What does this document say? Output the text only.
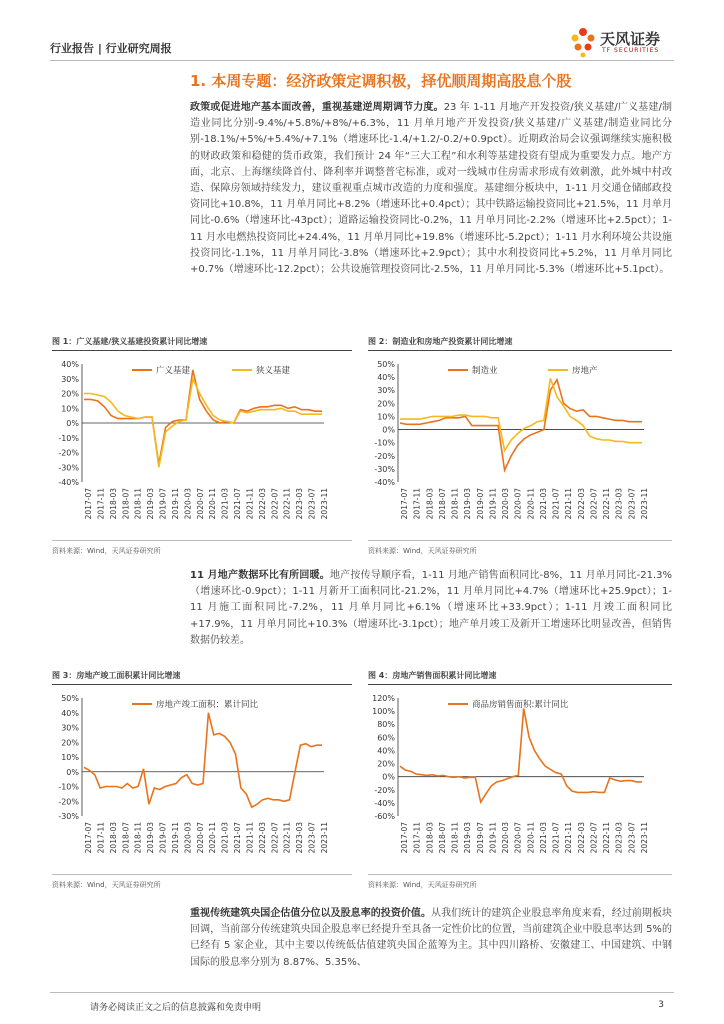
行业报告 | 行业研究周报
天风证券
TF SECURITIES
1. 本周专题：经济政策定调积极，择优顺周期高股息个股
政策或促进地产基本面改善，重视基建逆周期调节力度。23 年 1-11 月地产开发投资/狭义基建/广义基建/制造业同比分别-9.4%/+5.8%/+8%/+6.3%，11 月单月地产开发投资/狭义基建/广义基建/制造业同比分别-18.1%/+5%/+5.4%/+7.1%（增速环比-1.4/+1.2/-0.2/+0.9pct）。近期政治局会议强调继续实施积极的财政政策和稳健的货币政策，我们预计 24 年“三大工程”和水利等基建投资有望成为重要发力点。地产方面，北京、上海继续降首付、降利率并调整普宅标准，或对一线城市住房需求形成有效刺激，此外城中村改造、保障房领域持续发力，建议重视重点城市改造的力度和强度。基建细分板块中，1-11 月交通仓储邮政投资同比+10.8%，11 月单月同比+8.2%（增速环比+0.4pct）；其中铁路运输投资同比+21.5%，11 月单月同比-0.6%（增速环比-43pct）；道路运输投资同比-0.2%，11 月单月同比-2.2%（增速环比+2.5pct）；1-11 月水电燃热投资同比+24.4%，11 月单月同比+19.8%（增速环比-5.2pct）；1-11 月水利环境公共设施投资同比-1.1%，11 月单月同比-3.8%（增速环比+2.9pct）；其中水利投资同比+5.2%，11 月单月同比+0.7%（增速环比-12.2pct）；公共设施管理投资同比-2.5%，11 月单月同比-5.3%（增速环比+5.1pct）。
图 1：广义基建/狭义基建投资累计同比增速
40%
30%
20%
10%
0%
-10%
-20%
-30%
-40%
2017-07 2017-11 2018-03 2018-07 2018-11 2019-03 2019-07 2019-11 2020-03 2020-07 2020-11 2021-03 2021-07 2021-11 2022-03 2022-07 2022-11 2023-03 2023-07 2023-11
广义基建	狭义基建
资料来源：Wind，天风证券研究所
图 2：制造业和房地产投资累计同比增速
50%
40%
30%
20%
10%
0%
-10%
-20%
-30%
-40%
2017-07 2017-11 2018-03 2018-07 2018-11 2019-03 2019-07 2019-11 2020-03 2020-07 2020-11 2021-03 2021-07 2021-11 2022-03 2022-07 2022-11 2023-03 2023-07 2023-11
制造业	房地产
资料来源：Wind，天风证券研究所
11 月地产数据环比有所回暖。地产按传导顺序看，1-11 月地产销售面积同比-8%，11 月单月同比-21.3%（增速环比-0.9pct）；1-11 月新开工面积同比-21.2%，11 月单月同比+4.7%（增速环比+25.9pct）；1-11 月施工面积同比-7.2%，11 月单月同比+6.1%（增速环比+33.9pct）；1-11 月竣工面积同比+17.9%，11 月单月同比+10.3%（增速环比-3.1pct）；地产单月竣工及新开工增速环比明显改善，但销售数据仍较差。
图 3：房地产竣工面积累计同比增速
50%
40%
30%
20%
10%
0%
-10%
-20%
-30%
2017-07 2017-11 2018-03 2018-07 2018-11 2019-03 2019-07 2019-11 2020-03 2020-07 2020-11 2021-03 2021-07 2021-11 2022-03 2022-07 2022-11 2023-03 2023-07 2023-11
房地产竣工面积：累计同比
资料来源：Wind，天风证券研究所
图 4：房地产销售面积累计同比增速
120%
100%
80%
60%
40%
20%
0%
-20%
-40%
-60%
2017-07 2017-11 2018-03 2018-07 2018-11 2019-03 2019-07 2019-11 2020-03 2020-07 2020-11 2021-03 2021-07 2021-11 2022-03 2022-07 2022-11 2023-03 2023-07 2023-11
商品房销售面积:累计同比
资料来源：Wind，天风证券研究所
重视传统建筑央国企估值分位以及股息率的投资价值。从我们统计的建筑企业股息率角度来看，经过前期板块回调，当前部分传统建筑央国企股息率已经提升至具备一定性价比的位置，当前建筑企业中股息率达到 5%的已经有 5 家企业，其中主要以传统低估值建筑央国企蓝筹为主。其中四川路桥、安徽建工、中国建筑、中钢国际的股息率分别为 8.87%、5.35%、
请务必阅读正文之后的信息披露和免责申明	3
